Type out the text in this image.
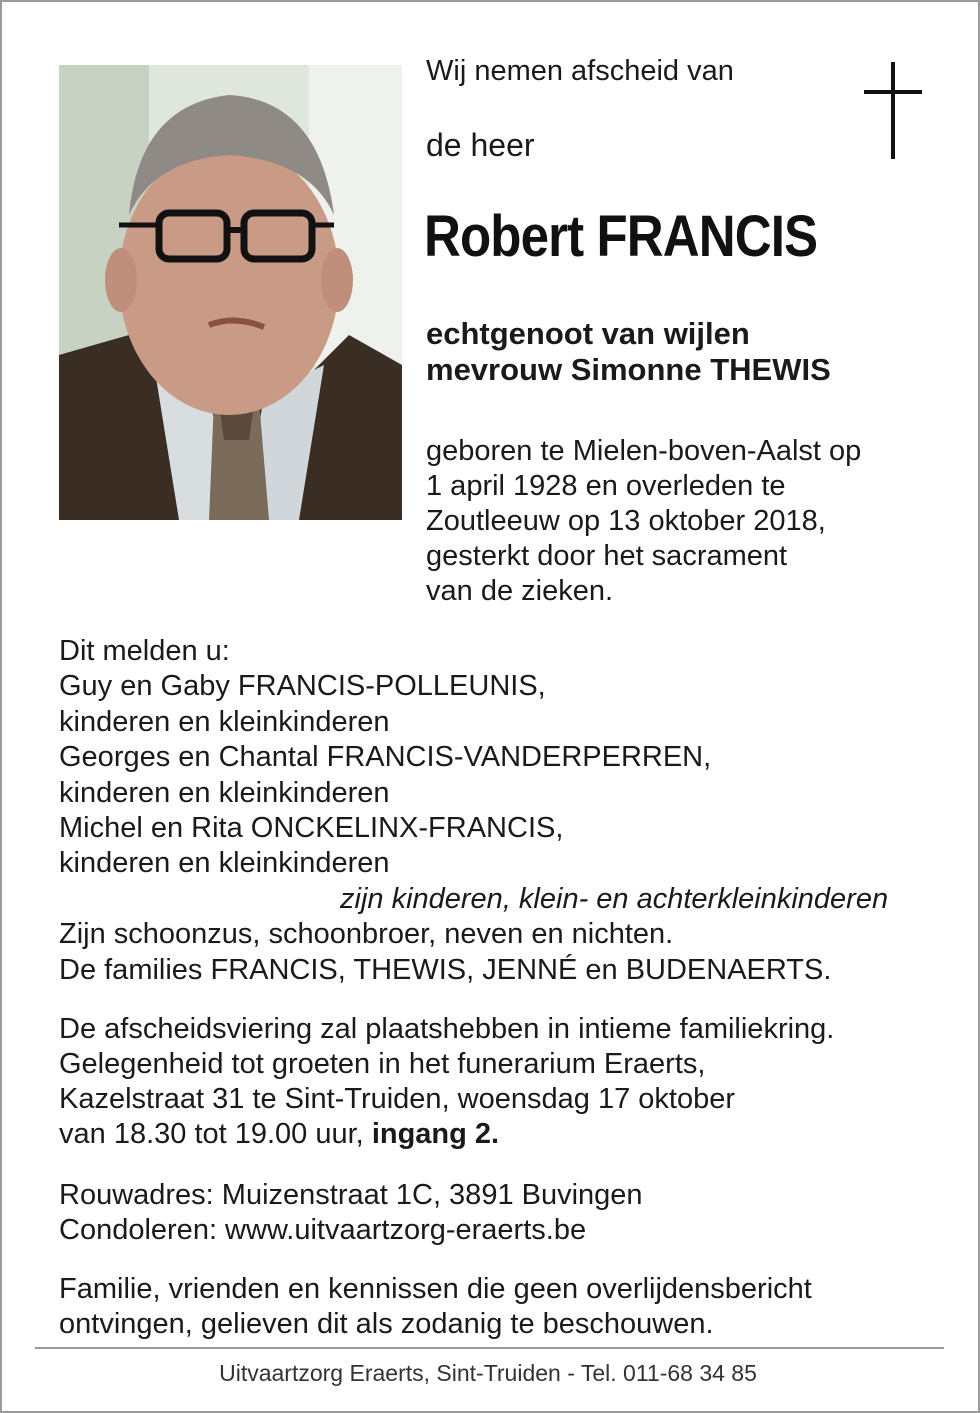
Wij nemen afscheid van

de heer

Robert FRANCIS

echtgenoot van wijlen
mevrouw Simonne THEWIS

geboren te Mielen-boven-Aalst op
1 april 1928 en overleden te
Zoutleeuw op 13 oktober 2018,
gesterkt door het sacrament
van de zieken.

Dit melden u:
Guy en Gaby FRANCIS-POLLEUNIS,
kinderen en kleinkinderen
Georges en Chantal FRANCIS-VANDERPERREN,
kinderen en kleinkinderen
Michel en Rita ONCKELINX-FRANCIS,
kinderen en kleinkinderen
zijn kinderen, klein- en achterkleinkinderen
Zijn schoonzus, schoonbroer, neven en nichten.
De families FRANCIS, THEWIS, JENNÉ en BUDENAERTS.

De afscheidsviering zal plaatshebben in intieme familiekring.
Gelegenheid tot groeten in het funerarium Eraerts,
Kazelstraat 31 te Sint-Truiden, woensdag 17 oktober
van 18.30 tot 19.00 uur, ingang 2.

Rouwadres: Muizenstraat 1C, 3891 Buvingen
Condoleren: www.uitvaartzorg-eraerts.be

Familie, vrienden en kennissen die geen overlijdensbericht
ontvingen, gelieven dit als zodanig te beschouwen.

Uitvaartzorg Eraerts, Sint-Truiden - Tel. 011-68 34 85
